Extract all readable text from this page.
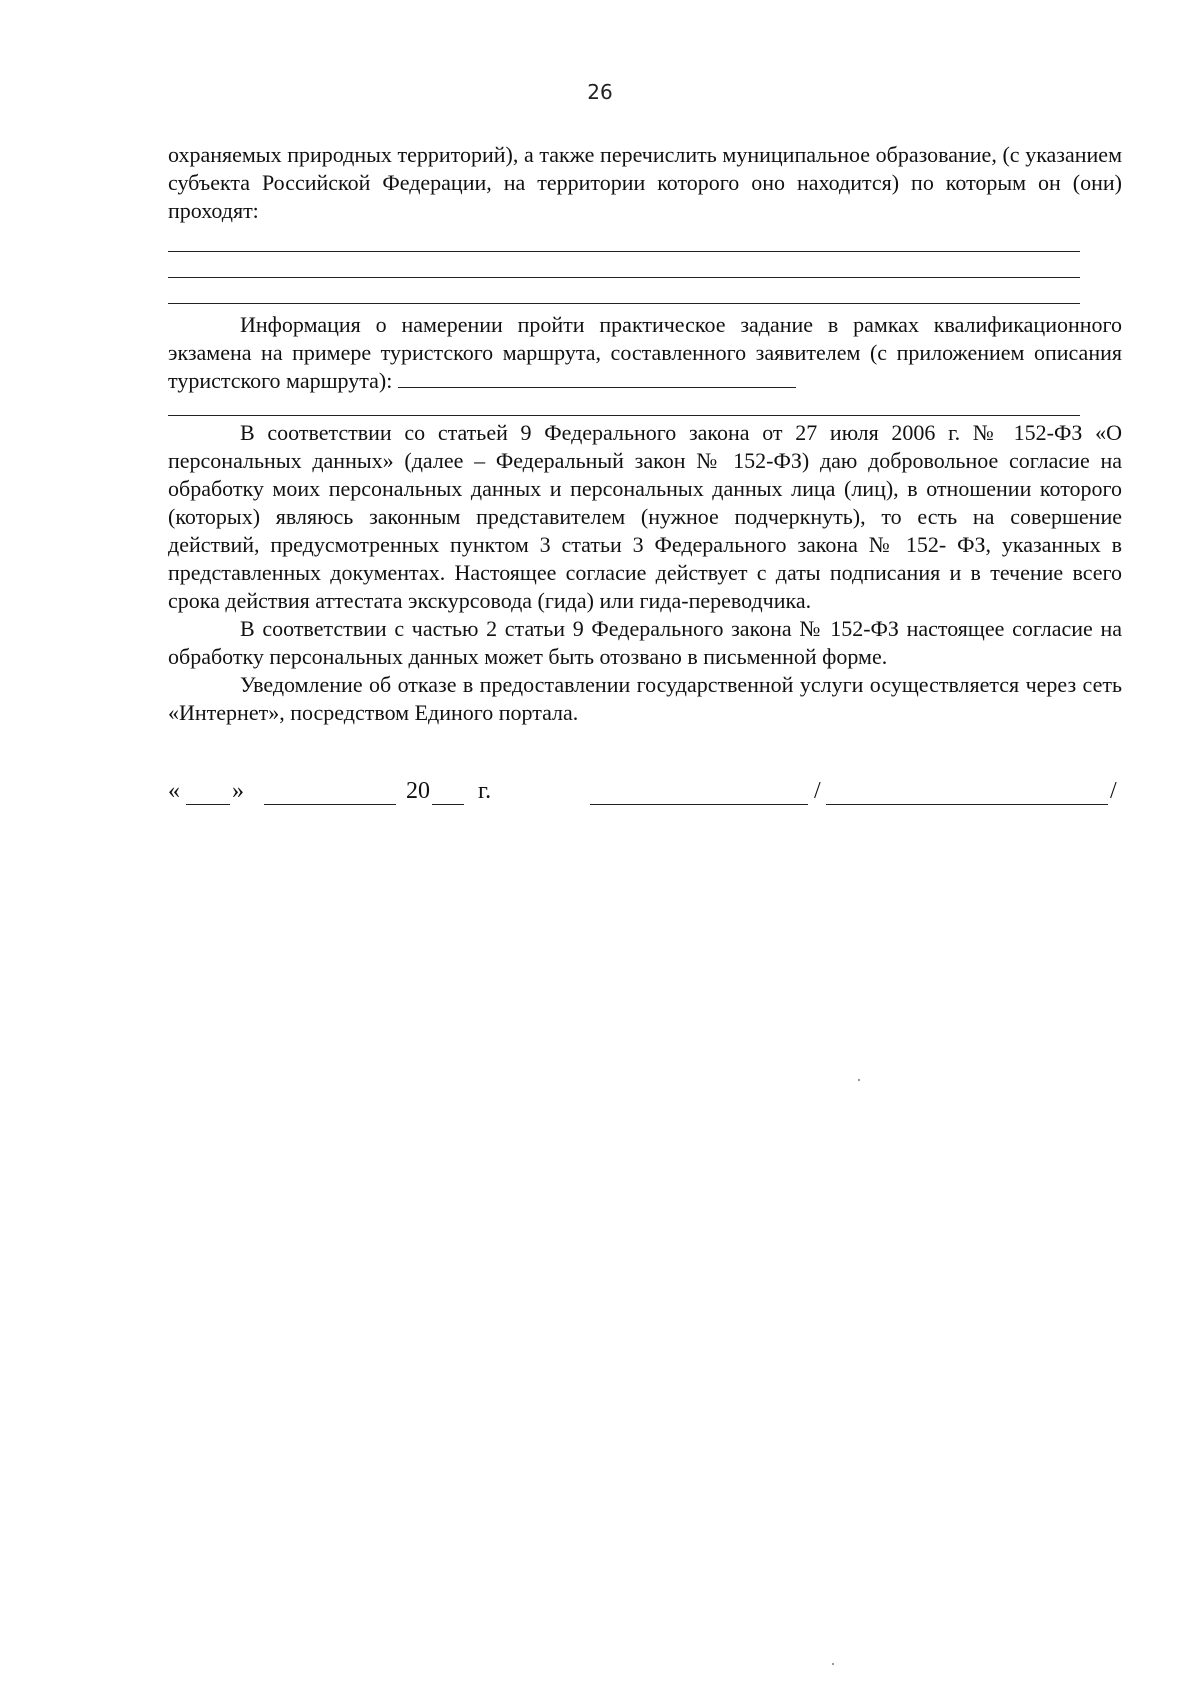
26

охраняемых природных территорий), а также перечислить муниципальное образование, (с указанием субъекта Российской Федерации, на территории которого оно находится) по которым он (они) проходят:

Информация о намерении пройти практическое задание в рамках квалификационного экзамена на примере туристского маршрута, составленного заявителем (с приложением описания туристского маршрута):

В соответствии со статьей 9 Федерального закона от 27 июля 2006 г. № 152-ФЗ «О персональных данных» (далее – Федеральный закон № 152-ФЗ) даю добровольное согласие на обработку моих персональных данных и персональных данных лица (лиц), в отношении которого (которых) являюсь законным представителем (нужное подчеркнуть), то есть на совершение действий, предусмотренных пунктом 3 статьи 3 Федерального закона № 152- ФЗ, указанных в представленных документах. Настоящее согласие действует с даты подписания и в течение всего срока действия аттестата экскурсовода (гида) или гида-переводчика.

В соответствии с частью 2 статьи 9 Федерального закона № 152-ФЗ настоящее согласие на обработку персональных данных может быть отозвано в письменной форме.

Уведомление об отказе в предоставлении государственной услуги осуществляется через сеть «Интернет», посредством Единого портала.

« »	20 г.	/	/
